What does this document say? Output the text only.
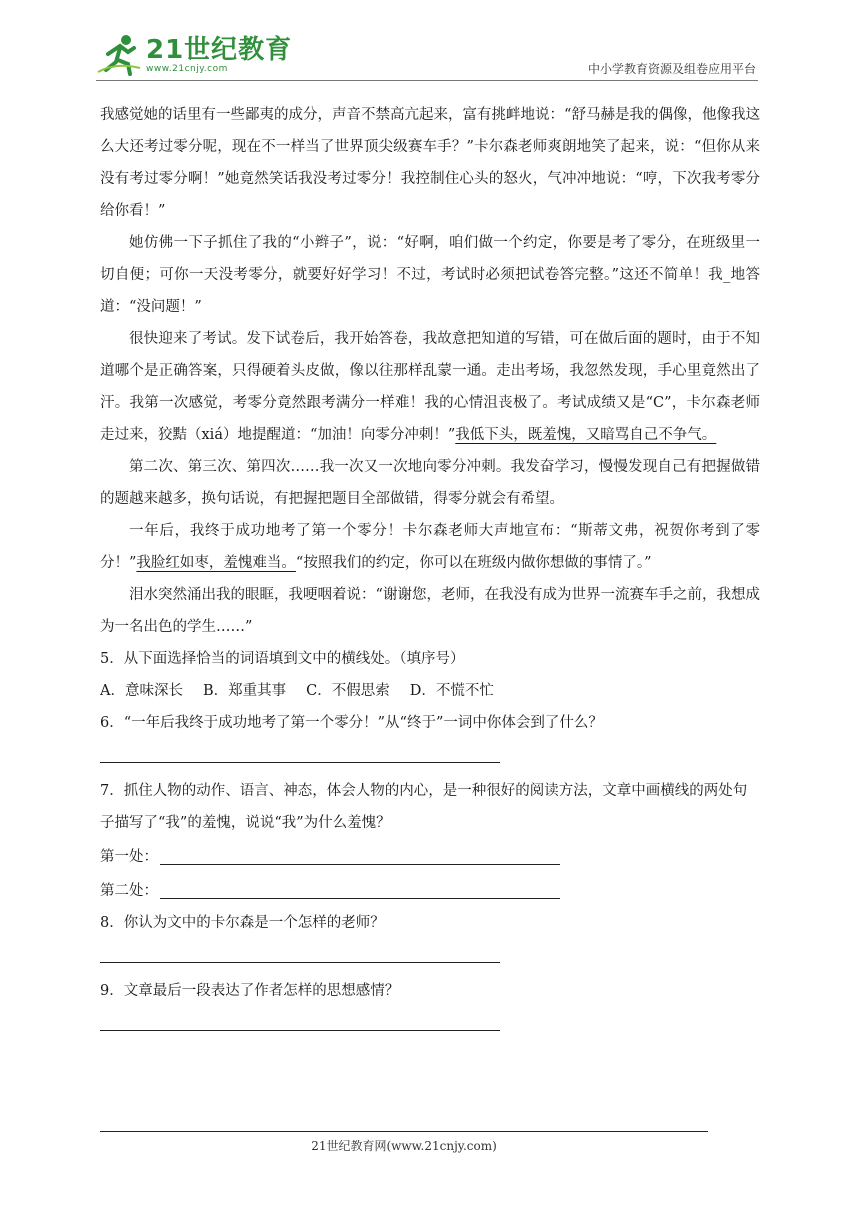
21世纪教育
www.21cnjy.com	中小学教育资源及组卷应用平台

我感觉她的话里有一些鄙夷的成分，声音不禁高亢起来，富有挑衅地说：“舒马赫是我的偶像，他像我这么大还考过零分呢，现在不一样当了世界顶尖级赛车手？”卡尔森老师爽朗地笑了起来，说：“但你从来没有考过零分啊！”她竟然笑话我没考过零分！我控制住心头的怒火，气冲冲地说：“哼，下次我考零分给你看！”

她仿佛一下子抓住了我的“小辫子”，说：“好啊，咱们做一个约定，你要是考了零分，在班级里一切自便；可你一天没考零分，就要好好学习！不过，考试时必须把试卷答完整。”这还不简单！我_地答道：“没问题！”

很快迎来了考试。发下试卷后，我开始答卷，我故意把知道的写错，可在做后面的题时，由于不知道哪个是正确答案，只得硬着头皮做，像以往那样乱蒙一通。走出考场，我忽然发现，手心里竟然出了汗。我第一次感觉，考零分竟然跟考满分一样难！我的心情沮丧极了。考试成绩又是“C”，卡尔森老师走过来，狡黠（xiá）地提醒道：“加油！向零分冲刺！”我低下头，既羞愧，又暗骂自己不争气。

第二次、第三次、第四次……我一次又一次地向零分冲刺。我发奋学习，慢慢发现自己有把握做错的题越来越多，换句话说，有把握把题目全部做错，得零分就会有希望。

一年后，我终于成功地考了第一个零分！卡尔森老师大声地宣布：“斯蒂文弗，祝贺你考到了零分！”我脸红如枣，羞愧难当。“按照我们的约定，你可以在班级内做你想做的事情了。”

泪水突然涌出我的眼眶，我哽咽着说：“谢谢您，老师，在我没有成为世界一流赛车手之前，我想成为一名出色的学生……”

5．从下面选择恰当的词语填到文中的横线处。（填序号）

A．意味深长 B．郑重其事 C．不假思索 D．不慌不忙

6．“一年后我终于成功地考了第一个零分！”从“终于”一词中你体会到了什么？

7．抓住人物的动作、语言、神态，体会人物的内心，是一种很好的阅读方法，文章中画横线的两处句子描写了“我”的羞愧，说说“我”为什么羞愧？

第一处：
第二处：

8．你认为文中的卡尔森是一个怎样的老师？

9．文章最后一段表达了作者怎样的思想感情？

21世纪教育网(www.21cnjy.com)
